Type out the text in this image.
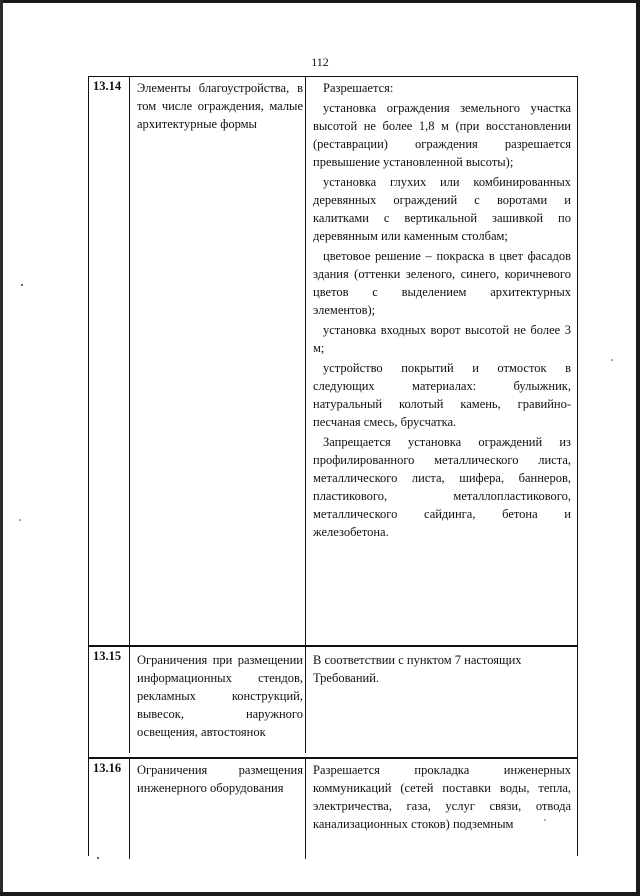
112
13.14 Элементы благоустройства, в том числе ограждения, малые архитектурные формы

Разрешается:

установка ограждения земельного участка высотой не более 1,8 м (при восстановлении (реставрации) ограждения разрешается превышение установленной высоты);

установка глухих или комбинированных деревянных ограждений с воротами и калитками с вертикальной зашивкой по деревянным или каменным столбам;

цветовое решение – покраска в цвет фасадов здания (оттенки зеленого, синего, коричневого цветов с выделением архитектурных элементов);

установка входных ворот высотой не более 3 м;

устройство покрытий и отмосток в следующих материалах: булыжник, натуральный колотый камень, гравийно-песчаная смесь, брусчатка.

Запрещается установка ограждений из профилированного металлического листа, металлического листа, шифера, баннеров, пластикового, металлопластикового, металлического сайдинга, бетона и железобетона.

13.15 Ограничения при размещении информационных стендов, рекламных конструкций, вывесок, наружного освещения, автостоянок

В соответствии с пунктом 7 настоящих Требований.

13.16 Ограничения размещения инженерного оборудования

Разрешается прокладка инженерных коммуникаций (сетей поставки воды, тепла, электричества, газа, услуг связи, отвода канализационных стоков) подземным
